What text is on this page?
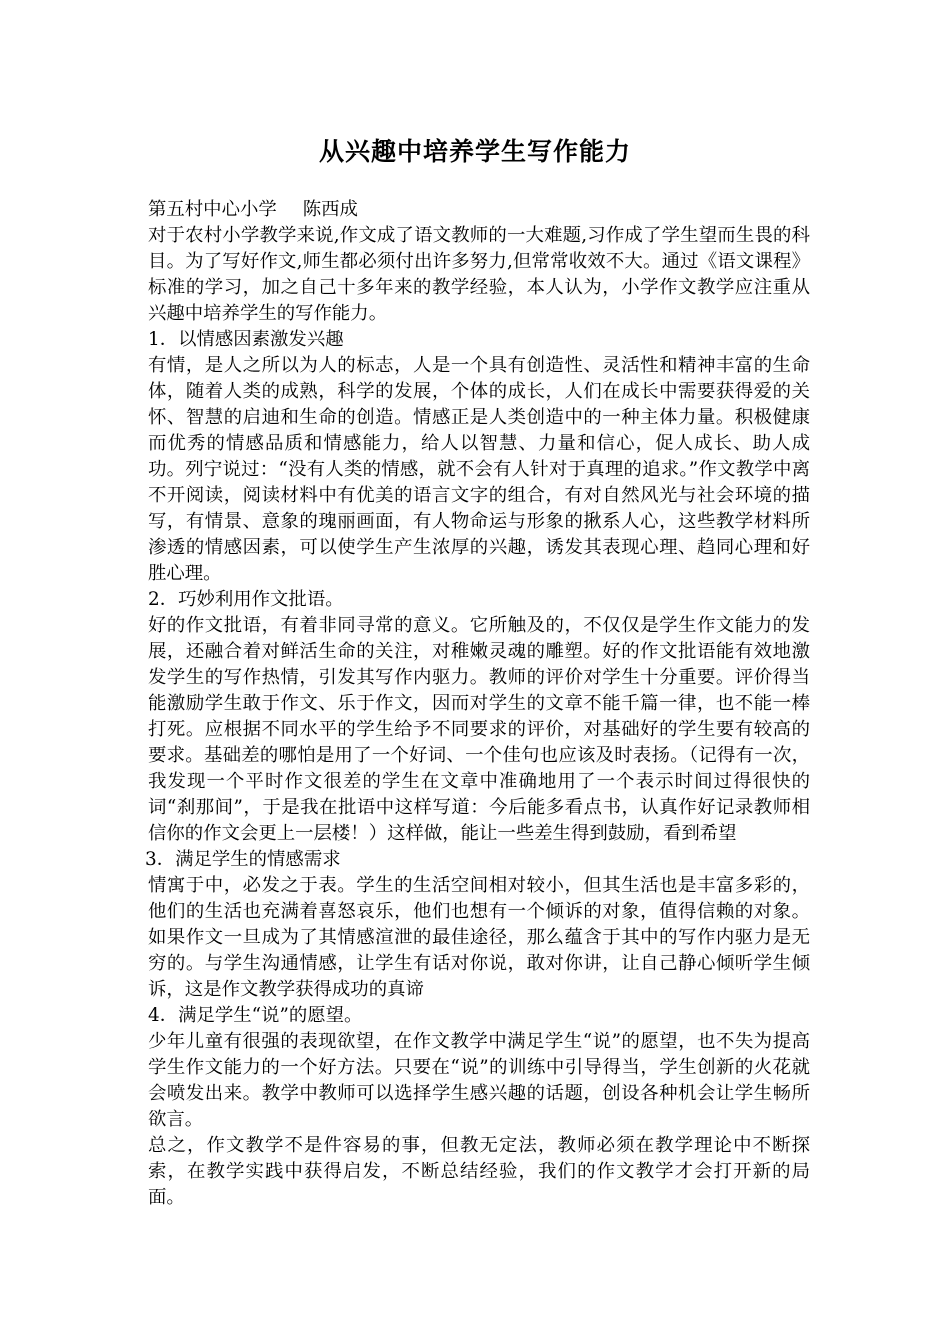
从兴趣中培养学生写作能力

第五村中心小学 陈西成

对于农村小学教学来说,作文成了语文教师的一大难题,习作成了学生望而生畏的科目。为了写好作文,师生都必须付出许多努力,但常常收效不大。通过《语文课程》标准的学习，加之自己十多年来的教学经验，本人认为，小学作文教学应注重从兴趣中培养学生的写作能力。

1．以情感因素激发兴趣

有情，是人之所以为人的标志，人是一个具有创造性、灵活性和精神丰富的生命体，随着人类的成熟，科学的发展，个体的成长，人们在成长中需要获得爱的关怀、智慧的启迪和生命的创造。情感正是人类创造中的一种主体力量。积极健康而优秀的情感品质和情感能力，给人以智慧、力量和信心，促人成长、助人成功。列宁说过：“没有人类的情感，就不会有人针对于真理的追求。”作文教学中离不开阅读，阅读材料中有优美的语言文字的组合，有对自然风光与社会环境的描写，有情景、意象的瑰丽画面，有人物命运与形象的揪系人心，这些教学材料所渗透的情感因素，可以使学生产生浓厚的兴趣，诱发其表现心理、趋同心理和好胜心理。

2．巧妙利用作文批语。

好的作文批语，有着非同寻常的意义。它所触及的，不仅仅是学生作文能力的发展，还融合着对鲜活生命的关注，对稚嫩灵魂的雕塑。好的作文批语能有效地激发学生的写作热情，引发其写作内驱力。教师的评价对学生十分重要。评价得当能激励学生敢于作文、乐于作文，因而对学生的文章不能千篇一律，也不能一棒打死。应根据不同水平的学生给予不同要求的评价，对基础好的学生要有较高的要求。基础差的哪怕是用了一个好词、一个佳句也应该及时表扬。（记得有一次，我发现一个平时作文很差的学生在文章中准确地用了一个表示时间过得很快的词“刹那间”，于是我在批语中这样写道：今后能多看点书，认真作好记录教师相信你的作文会更上一层楼！）这样做，能让一些差生得到鼓励，看到希望

3．满足学生的情感需求

情寓于中，必发之于表。学生的生活空间相对较小，但其生活也是丰富多彩的，他们的生活也充满着喜怒哀乐，他们也想有一个倾诉的对象，值得信赖的对象。如果作文一旦成为了其情感渲泄的最佳途径，那么蕴含于其中的写作内驱力是无穷的。与学生沟通情感，让学生有话对你说，敢对你讲，让自己静心倾听学生倾诉，这是作文教学获得成功的真谛

4．满足学生“说”的愿望。

少年儿童有很强的表现欲望，在作文教学中满足学生“说”的愿望，也不失为提高学生作文能力的一个好方法。只要在“说”的训练中引导得当，学生创新的火花就会喷发出来。教学中教师可以选择学生感兴趣的话题，创设各种机会让学生畅所欲言。

总之，作文教学不是件容易的事，但教无定法，教师必须在教学理论中不断探索，在教学实践中获得启发，不断总结经验，我们的作文教学才会打开新的局面。
